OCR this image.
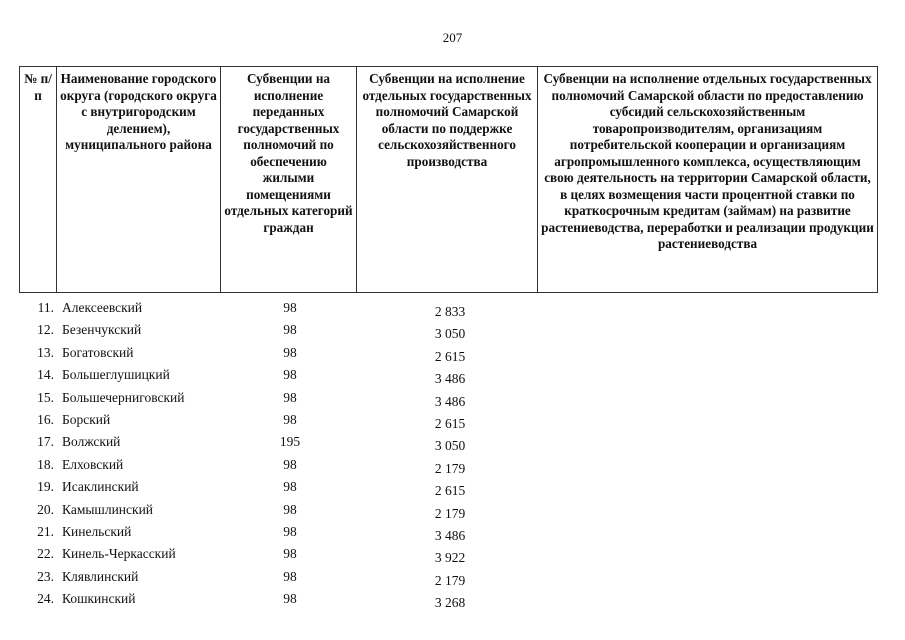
207
№ п/п	Наименование городского округа (городского округа с внутригородским делением), муниципального района	Субвенции на исполнение переданных государственных полномочий по обеспечению жилыми помещениями отдельных категорий граждан	Субвенции на исполнение отдельных государственных полномочий Самарской области по поддержке сельскохозяйственного производства	Субвенции на исполнение отдельных государственных полномочий Самарской области по предоставлению субсидий сельскохозяйственным товаропроизводителям, организациям потребительской кооперации и организациям агропромышленного комплекса, осуществляющим свою деятельность на территории Самарской области, в целях возмещения части процентной ставки по краткосрочным кредитам (займам) на развитие растениеводства, переработки и реализации продукции растениеводства
11. Алексеевский	98	2 833
12. Безенчукский	98	3 050
13. Богатовский	98	2 615
14. Большеглушицкий	98	3 486
15. Большечерниговский	98	3 486
16. Борский	98	2 615
17. Волжский	195	3 050
18. Елховский	98	2 179
19. Исаклинский	98	2 615
20. Камышлинский	98	2 179
21. Кинельский	98	3 486
22. Кинель-Черкасский	98	3 922
23. Клявлинский	98	2 179
24. Кошкинский	98	3 268
